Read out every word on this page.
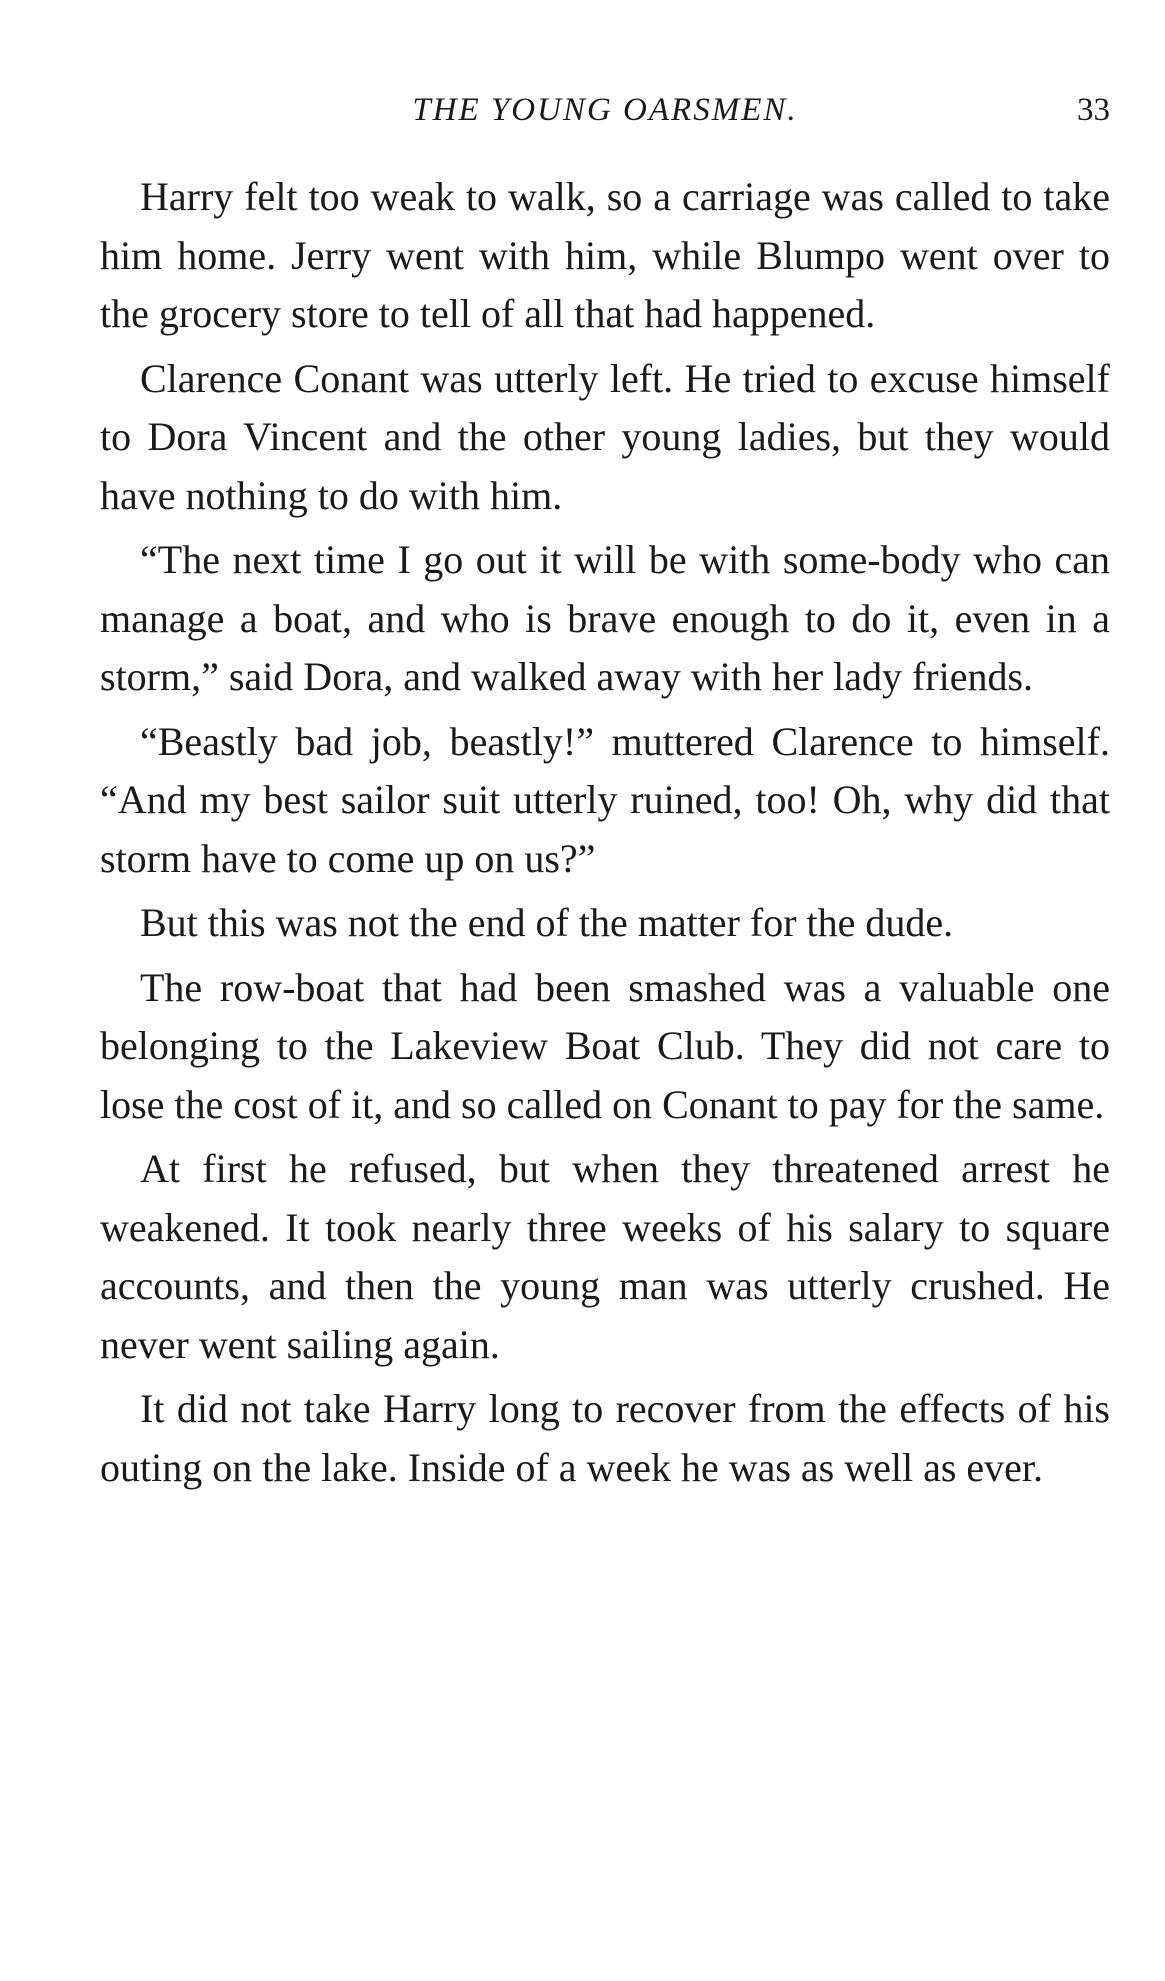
THE YOUNG OARSMEN.	33

Harry felt too weak to walk, so a carriage was called to take him home. Jerry went with him, while Blumpo went over to the grocery store to tell of all that had happened.

Clarence Conant was utterly left. He tried to excuse himself to Dora Vincent and the other young ladies, but they would have nothing to do with him.

“The next time I go out it will be with some-body who can manage a boat, and who is brave enough to do it, even in a storm,” said Dora, and walked away with her lady friends.

“Beastly bad job, beastly!” muttered Clarence to himself. “And my best sailor suit utterly ruined, too! Oh, why did that storm have to come up on us?”

But this was not the end of the matter for the dude.

The row-boat that had been smashed was a valuable one belonging to the Lakeview Boat Club. They did not care to lose the cost of it, and so called on Conant to pay for the same.

At first he refused, but when they threatened arrest he weakened. It took nearly three weeks of his salary to square accounts, and then the young man was utterly crushed. He never went sailing again.

It did not take Harry long to recover from the effects of his outing on the lake. Inside of a week he was as well as ever.
